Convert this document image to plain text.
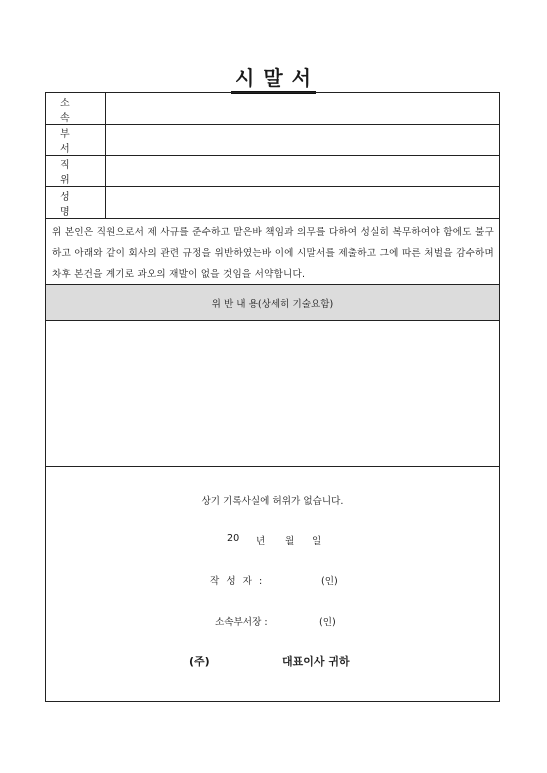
시 말 서
소 속
부 서
직 위
성 명
위 본인은 직원으로서 제 사규를 준수하고 맡은바 책임과 의무를 다하여 성실히 복무하여야 함에도 불구하고 아래와 같이 회사의 관련 규정을 위반하였는바 이에 시말서를 제출하고 그에 따른 처벌을 감수하며 차후 본건을 계기로 과오의 재발이 없을 것임을 서약합니다.
위 반 내 용(상세히 기술요함)
상기 기록사실에 허위가 없습니다.
20 년 월 일
작 성 자 :	(인)
소속부서장 :	(인)
(주)	대표이사 귀하
